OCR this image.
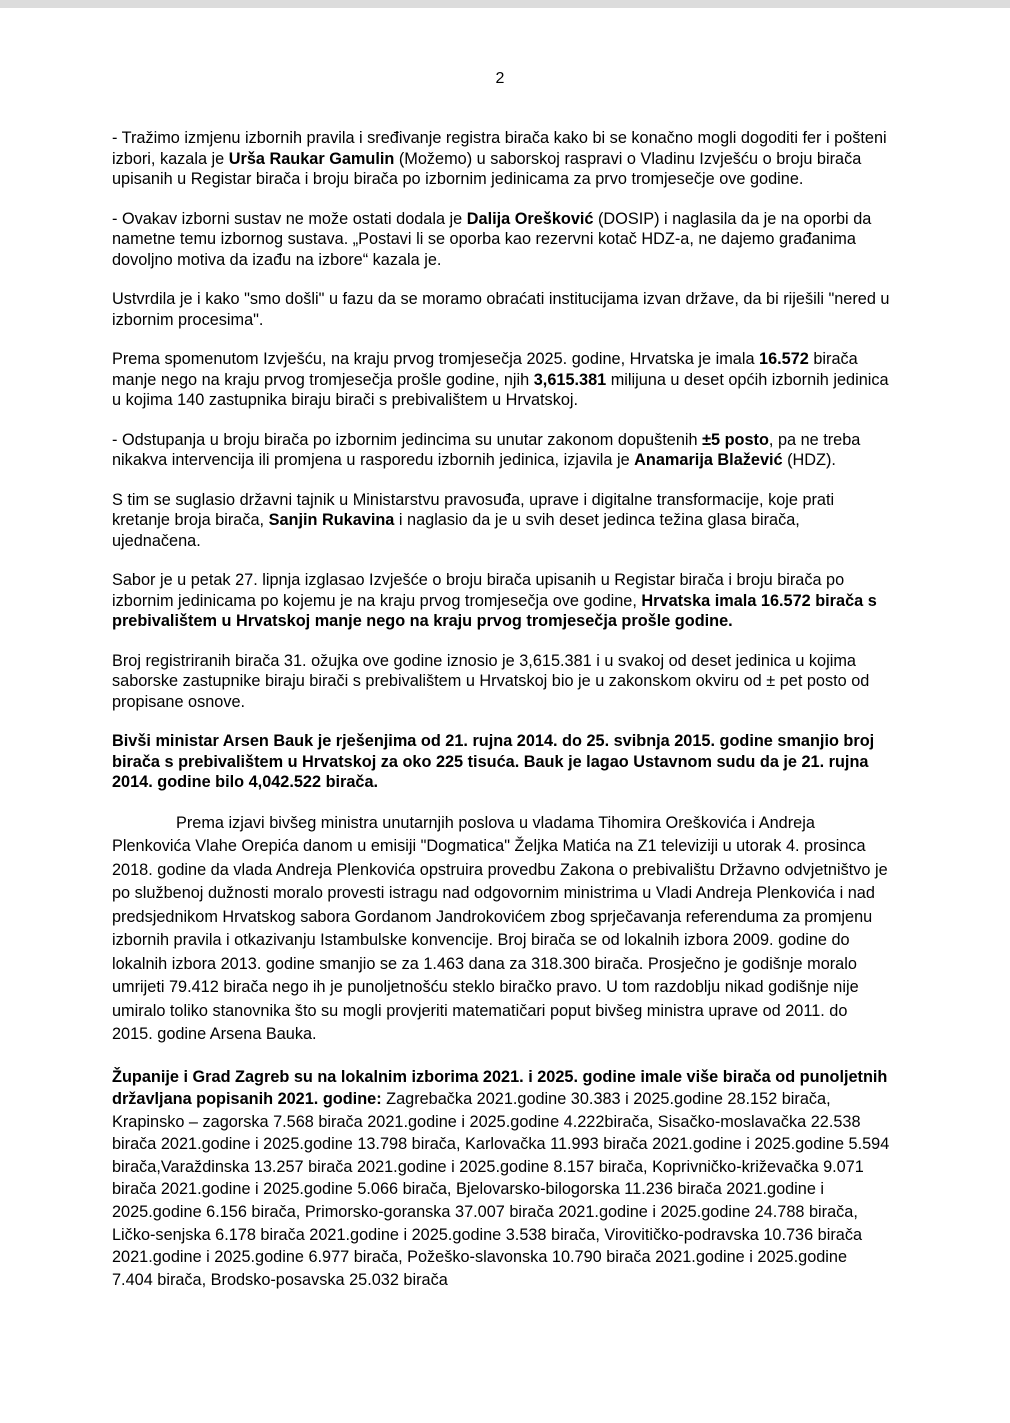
2

- Tražimo izmjenu izbornih pravila i sređivanje registra birača kako bi se konačno mogli dogoditi fer i pošteni izbori, kazala je Urša Raukar Gamulin (Možemo) u saborskoj raspravi o Vladinu Izvješću o broju birača upisanih u Registar birača i broju birača po izbornim jedinicama za prvo tromjesečje ove godine.

- Ovakav izborni sustav ne može ostati dodala je Dalija Orešković (DOSIP) i naglasila da je na oporbi da nametne temu izbornog sustava. „Postavi li se oporba kao rezervni kotač HDZ-a, ne dajemo građanima dovoljno motiva da izađu na izbore“ kazala je.

Ustvrdila je i kako "smo došli" u fazu da se moramo obraćati institucijama izvan države, da bi riješili "nered u izbornim procesima".

Prema spomenutom Izvješću, na kraju prvog tromjesečja 2025. godine, Hrvatska je imala 16.572 birača manje nego na kraju prvog tromjesečja prošle godine, njih 3,615.381 milijuna u deset općih izbornih jedinica u kojima 140 zastupnika biraju birači s prebivalištem u Hrvatskoj.

- Odstupanja u broju birača po izbornim jedincima su unutar zakonom dopuštenih ±5 posto, pa ne treba nikakva intervencija ili promjena u rasporedu izbornih jedinica, izjavila je Anamarija Blažević (HDZ).

S tim se suglasio državni tajnik u Ministarstvu pravosuđa, uprave i digitalne transformacije, koje prati kretanje broja birača, Sanjin Rukavina i naglasio da je u svih deset jedinca težina glasa birača, ujednačena.

Sabor je u petak 27. lipnja izglasao Izvješće o broju birača upisanih u Registar birača i broju birača po izbornim jedinicama po kojemu je na kraju prvog tromjesečja ove godine, Hrvatska imala 16.572 birača s prebivalištem u Hrvatskoj manje nego na kraju prvog tromjesečja prošle godine.

Broj registriranih birača 31. ožujka ove godine iznosio je 3,615.381 i u svakoj od deset jedinica u kojima saborske zastupnike biraju birači s prebivalištem u Hrvatskoj bio je u zakonskom okviru od ± pet posto od propisane osnove.

Bivši ministar Arsen Bauk je rješenjima od 21. rujna 2014. do 25. svibnja 2015. godine smanjio broj birača s prebivalištem u Hrvatskoj za oko 225 tisuća. Bauk je lagao Ustavnom sudu da je 21. rujna 2014. godine bilo 4,042.522 birača.

Prema izjavi bivšeg ministra unutarnjih poslova u vladama Tihomira Oreškovića i Andreja Plenkovića Vlahe Orepića danom u emisiji "Dogmatica" Željka Matića na Z1 televiziji u utorak 4. prosinca 2018. godine da vlada Andreja Plenkovića opstruira provedbu Zakona o prebivalištu Državno odvjetništvo je po službenoj dužnosti moralo provesti istragu nad odgovornim ministrima u Vladi Andreja Plenkovića i nad predsjednikom Hrvatskog sabora Gordanom Jandrokovićem zbog sprječavanja referenduma za promjenu izbornih pravila i otkazivanju Istambulske konvencije. Broj birača se od lokalnih izbora 2009. godine do lokalnih izbora 2013. godine smanjio se za 1.463 dana za 318.300 birača. Prosječno je godišnje moralo umrijeti 79.412 birača nego ih je punoljetnošću steklo biračko pravo. U tom razdoblju nikad godišnje nije umiralo toliko stanovnika što su mogli provjeriti matematičari poput bivšeg ministra uprave od 2011. do 2015. godine Arsena Bauka.

Županije i Grad Zagreb su na lokalnim izborima 2021. i 2025. godine imale više birača od punoljetnih državljana popisanih 2021. godine: Zagrebačka 2021.godine 30.383 i 2025.godine 28.152 birača, Krapinsko – zagorska 7.568 birača 2021.godine i 2025.godine 4.222birača, Sisačko-moslavačka 22.538 birača 2021.godine i 2025.godine 13.798 birača, Karlovačka 11.993 birača 2021.godine i 2025.godine 5.594 birača,Varaždinska 13.257 birača 2021.godine i 2025.godine 8.157 birača, Koprivničko-križevačka 9.071 birača 2021.godine i 2025.godine 5.066 birača, Bjelovarsko-bilogorska 11.236 birača 2021.godine i 2025.godine 6.156 birača, Primorsko-goranska 37.007 birača 2021.godine i 2025.godine 24.788 birača, Ličko-senjska 6.178 birača 2021.godine i 2025.godine 3.538 birača, Virovitičko-podravska 10.736 birača 2021.godine i 2025.godine 6.977 birača, Požeško-slavonska 10.790 birača 2021.godine i 2025.godine 7.404 birača, Brodsko-posavska 25.032 birača
